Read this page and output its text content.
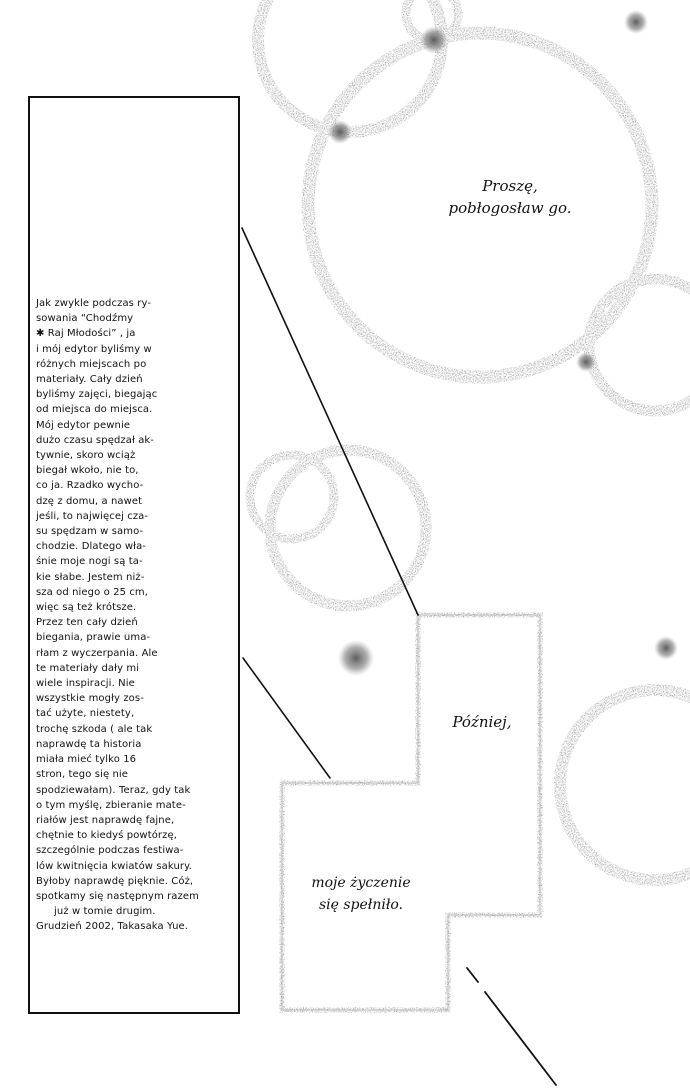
Jak zwykle podczas ry-
sowania “Chodźmy
✱ Raj Młodości” , ja
i mój edytor byliśmy w
różnych miejscach po
materiały. Cały dzień
byliśmy zajęci, biegając
od miejsca do miejsca.
Mój edytor pewnie
dużo czasu spędzał ak-
tywnie, skoro wciąż
biegał wkoło, nie to,
co ja. Rzadko wycho-
dzę z domu, a nawet
jeśli, to najwięcej cza-
su spędzam w samo-
chodzie. Dlatego wła-
śnie moje nogi są ta-
kie słabe. Jestem niż-
sza od niego o 25 cm,
więc są też krótsze.
Przez ten cały dzień
biegania, prawie uma-
rłam z wyczerpania. Ale
te materiały dały mi
wiele inspiracji. Nie
wszystkie mogły zos-
tać użyte, niestety,
trochę szkoda ( ale tak
naprawdę ta historia
miała mieć tylko 16
stron, tego się nie
spodziewałam). Teraz, gdy tak
o tym myślę, zbieranie mate-
riałów jest naprawdę fajne,
chętnie to kiedyś powtórzę,
szczególnie podczas festiwa-
lów kwitnięcia kwiatów sakury.
Byłoby naprawdę pięknie. Cóż,
spotkamy się następnym razem
już w tomie drugim.
Grudzień 2002, Takasaka Yue.
Proszę,
pobłogosław go.
Później,
moje życzenie
się spełniło.
